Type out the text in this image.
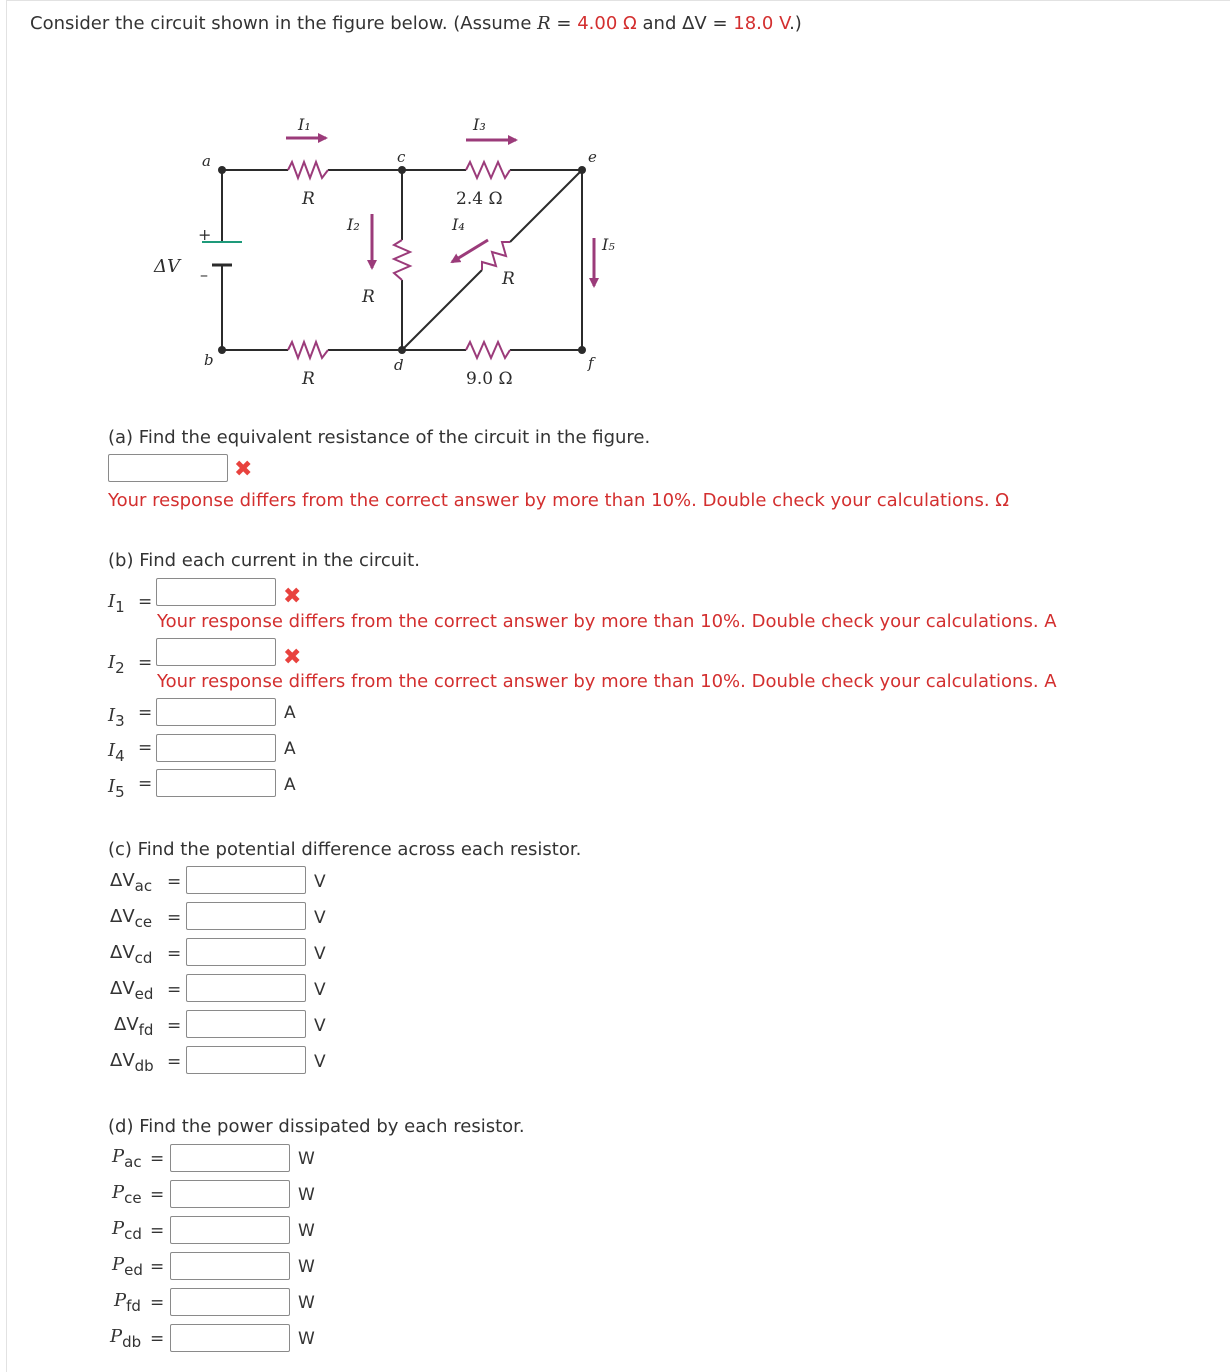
Consider the circuit shown in the figure below. (Assume R = 4.00 Ω and ΔV = 18.0 V.)
+
–
ΔV
a
b
c
d
e
f
R
R
R
R
2.4 Ω
9.0 Ω
I₁	I₃
I₂	I₄
I₅
(a) Find the equivalent resistance of the circuit in the figure.
✖
Your response differs from the correct answer by more than 10%. Double check your calculations. Ω
(b) Find each current in the circuit.
$I_1$ =	✖
Your response differs from the correct answer by more than 10%. Double check your calculations. A
$I_2$ =	✖
Your response differs from the correct answer by more than 10%. Double check your calculations. A
$I_3$ =	A
$I_4$ =	A
$I_5$ =	A
(c) Find the potential difference across each resistor.
$\Delta V_{ac}$ =	V
$\Delta V_{ce}$ =	V
$\Delta V_{cd}$ =	V
$\Delta V_{ed}$ =	V
$\Delta V_{fd}$ =	V
$\Delta V_{db}$ =	V
(d) Find the power dissipated by each resistor.
$P_{ac}$ =	W
$P_{ce}$ =	W
$P_{cd}$ =	W
$P_{ed}$ =	W
$P_{fd}$ =	W
$P_{db}$ =	W
